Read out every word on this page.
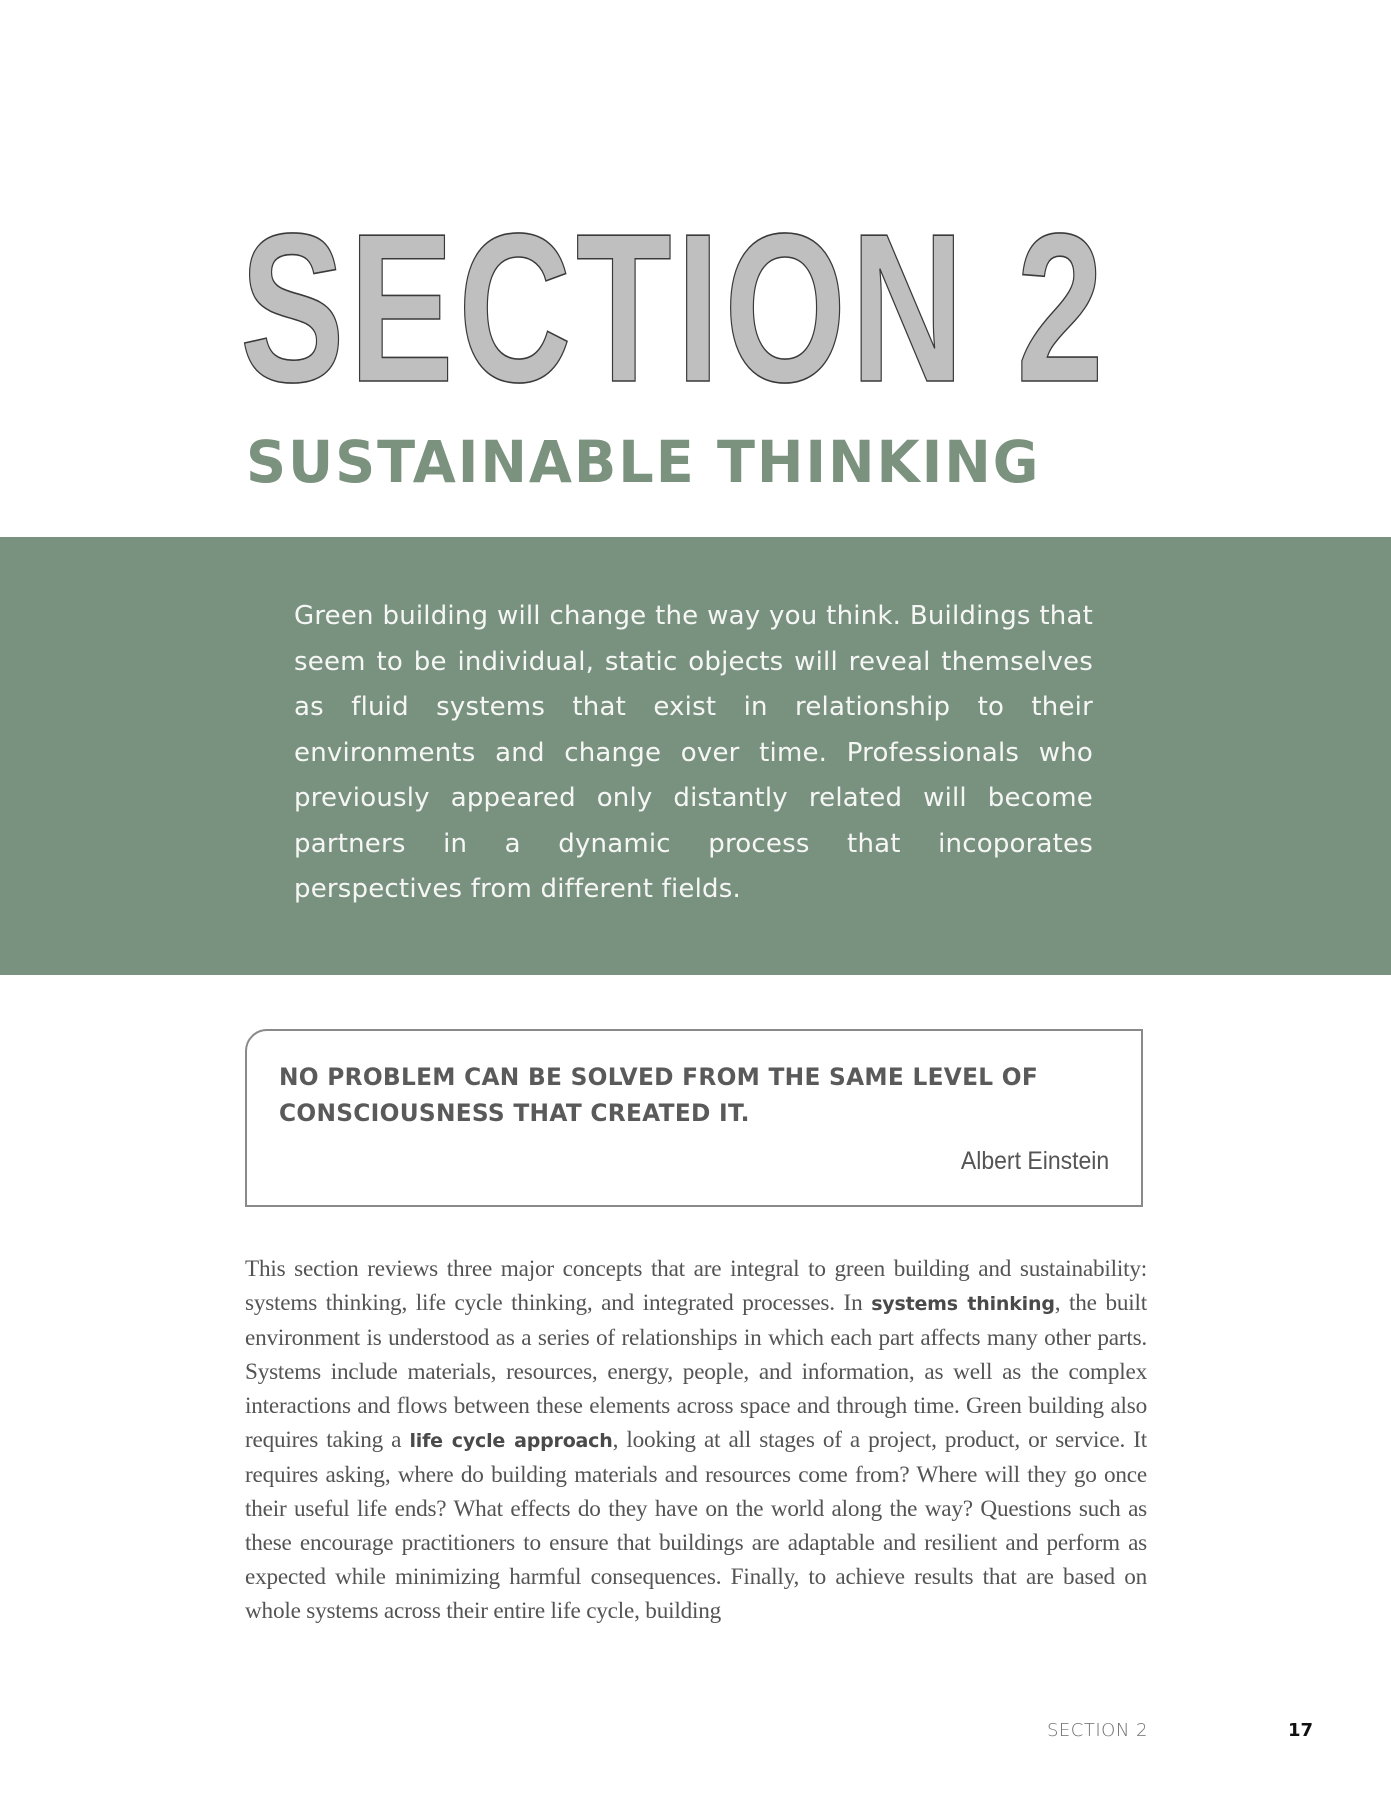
SECTION 2
SUSTAINABLE THINKING

Green building will change the way you think. Buildings that seem to be individual, static objects will reveal themselves as fluid systems that exist in relationship to their environments and change over time. Professionals who previously appeared only distantly related will become partners in a dynamic process that incoporates perspectives from different fields.

NO PROBLEM CAN BE SOLVED FROM THE SAME LEVEL OF CONSCIOUSNESS THAT CREATED IT.

Albert Einstein

This section reviews three major concepts that are integral to green building and sustainability: systems thinking, life cycle thinking, and integrated processes. In systems thinking, the built environment is understood as a series of relationships in which each part affects many other parts. Systems include materials, resources, energy, people, and information, as well as the complex interactions and flows between these elements across space and through time. Green building also requires taking a life cycle approach, looking at all stages of a project, product, or service. It requires asking, where do building materials and resources come from? Where will they go once their useful life ends? What effects do they have on the world along the way? Questions such as these encourage practitioners to ensure that buildings are adaptable and resilient and perform as expected while minimizing harmful consequences. Finally, to achieve results that are based on whole systems across their entire life cycle, building

SECTION 2	17
